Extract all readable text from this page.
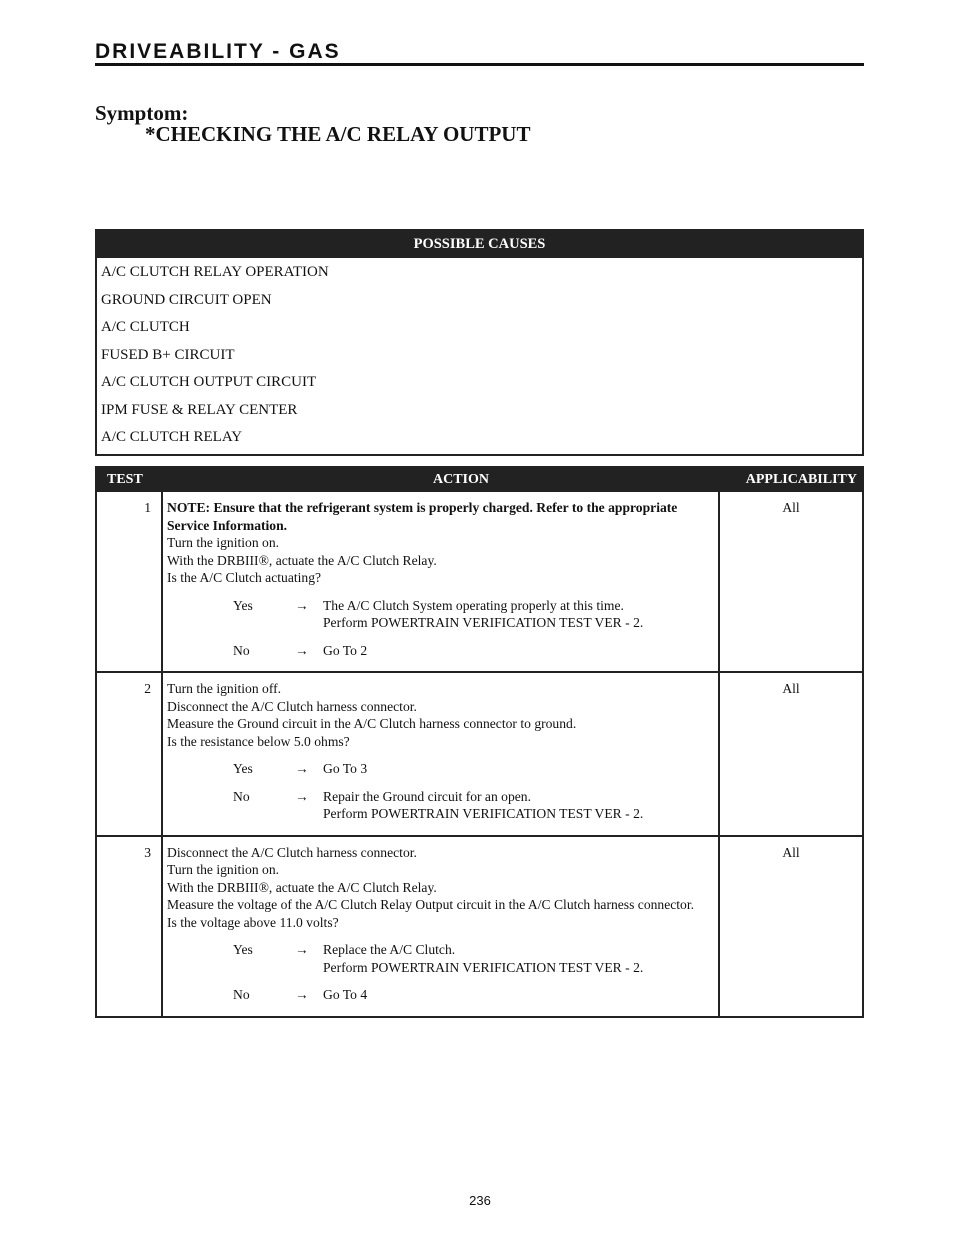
DRIVEABILITY - GAS
Symptom:
*CHECKING THE A/C RELAY OUTPUT
POSSIBLE CAUSES
A/C CLUTCH RELAY OPERATION
GROUND CIRCUIT OPEN
A/C CLUTCH
FUSED B+ CIRCUIT
A/C CLUTCH OUTPUT CIRCUIT
IPM FUSE & RELAY CENTER
A/C CLUTCH RELAY
TEST	ACTION	APPLICABILITY
1	NOTE: Ensure that the refrigerant system is properly charged. Refer to the appropriate Service Information.
Turn the ignition on.
With the DRBIII®, actuate the A/C Clutch Relay.
Is the A/C Clutch actuating?
Yes	→	The A/C Clutch System operating properly at this time.
Perform POWERTRAIN VERIFICATION TEST VER - 2.
No	→	Go To 2
All
2	Turn the ignition off.
Disconnect the A/C Clutch harness connector.
Measure the Ground circuit in the A/C Clutch harness connector to ground.
Is the resistance below 5.0 ohms?
Yes	→	Go To 3
No	→	Repair the Ground circuit for an open.
Perform POWERTRAIN VERIFICATION TEST VER - 2.
All
3	Disconnect the A/C Clutch harness connector.
Turn the ignition on.
With the DRBIII®, actuate the A/C Clutch Relay.
Measure the voltage of the A/C Clutch Relay Output circuit in the A/C Clutch harness connector.
Is the voltage above 11.0 volts?
Yes	→	Replace the A/C Clutch.
Perform POWERTRAIN VERIFICATION TEST VER - 2.
No	→	Go To 4
All
236
